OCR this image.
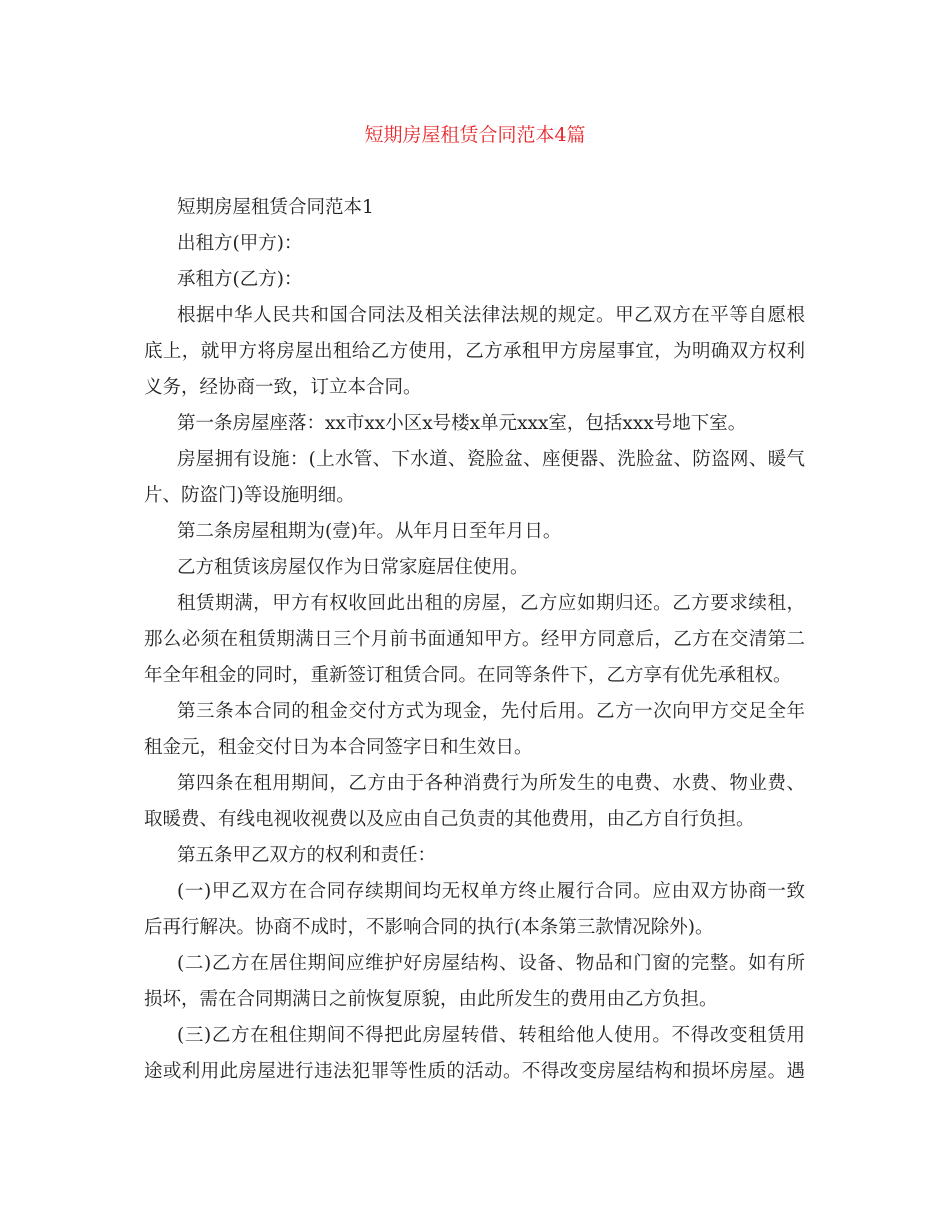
短期房屋租赁合同范本4篇
短期房屋租赁合同范本1
出租方(甲方)：
承租方(乙方)：
根据中华人民共和国合同法及相关法律法规的规定。甲乙双方在平等自愿根
底上，就甲方将房屋出租给乙方使用，乙方承租甲方房屋事宜，为明确双方权利
义务，经协商一致，订立本合同。
第一条房屋座落：xx市xx小区x号楼x单元xxx室，包括xxx号地下室。
房屋拥有设施：(上水管、下水道、瓷脸盆、座便器、洗脸盆、防盗网、暖气
片、防盗门)等设施明细。
第二条房屋租期为(壹)年。从年月日至年月日。
乙方租赁该房屋仅作为日常家庭居住使用。
租赁期满，甲方有权收回此出租的房屋，乙方应如期归还。乙方要求续租，
那么必须在租赁期满日三个月前书面通知甲方。经甲方同意后，乙方在交清第二
年全年租金的同时，重新签订租赁合同。在同等条件下，乙方享有优先承租权。
第三条本合同的租金交付方式为现金，先付后用。乙方一次向甲方交足全年
租金元，租金交付日为本合同签字日和生效日。
第四条在租用期间，乙方由于各种消费行为所发生的电费、水费、物业费、
取暖费、有线电视收视费以及应由自己负责的其他费用，由乙方自行负担。
第五条甲乙双方的权利和责任：
(一)甲乙双方在合同存续期间均无权单方终止履行合同。应由双方协商一致
后再行解决。协商不成时，不影响合同的执行(本条第三款情况除外)。
(二)乙方在居住期间应维护好房屋结构、设备、物品和门窗的完整。如有所
损坏，需在合同期满日之前恢复原貌，由此所发生的费用由乙方负担。
(三)乙方在租住期间不得把此房屋转借、转租给他人使用。不得改变租赁用
途或利用此房屋进行违法犯罪等性质的活动。不得改变房屋结构和损坏房屋。遇
